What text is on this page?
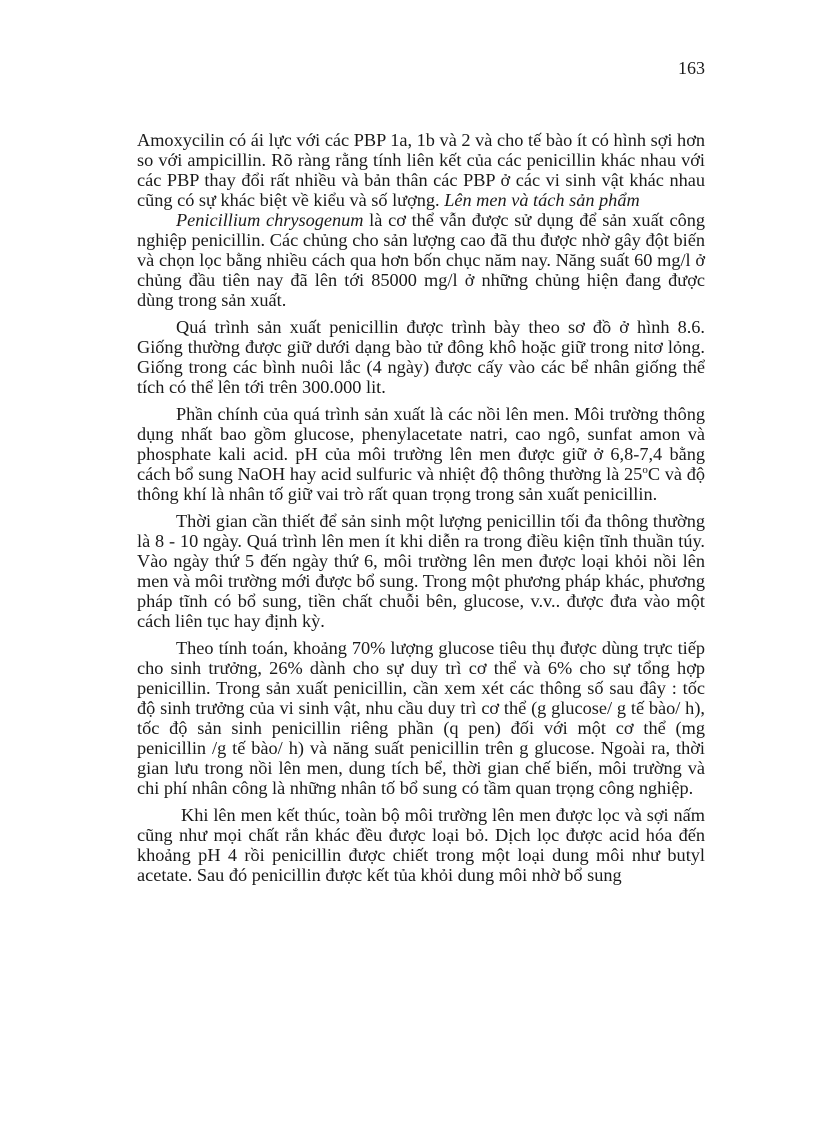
163

Amoxycilin có ái lực với các PBP 1a, 1b và 2 và cho tế bào ít có hình sợi hơn so với ampicillin. Rõ ràng rằng tính liên kết của các penicillin khác nhau với các PBP thay đổi rất nhiều và bản thân các PBP ở các vi sinh vật khác nhau cũng có sự khác biệt về kiểu và số lượng. Lên men và tách sản phẩm

Penicillium chrysogenum là cơ thể vẫn được sử dụng để sản xuất công nghiệp penicillin. Các chủng cho sản lượng cao đã thu được nhờ gây đột biến và chọn lọc bằng nhiều cách qua hơn bốn chục năm nay. Năng suất 60 mg/l ở chủng đầu tiên nay đã lên tới 85000 mg/l ở những chủng hiện đang được dùng trong sản xuất.

Quá trình sản xuất penicillin được trình bày theo sơ đồ ở hình 8.6. Giống thường được giữ dưới dạng bào tử đông khô hoặc giữ trong nitơ lỏng. Giống trong các bình nuôi lắc (4 ngày) được cấy vào các bể nhân giống thể tích có thể lên tới trên 300.000 lit.

Phần chính của quá trình sản xuất là các nồi lên men. Môi trường thông dụng nhất bao gồm glucose, phenylacetate natri, cao ngô, sunfat amon và phosphate kali acid. pH của môi trường lên men được giữ ở 6,8-7,4 bằng cách bổ sung NaOH hay acid sulfuric và nhiệt độ thông thường là 25$^o$C và độ thông khí là nhân tố giữ vai trò rất quan trọng trong sản xuất penicillin.

Thời gian cần thiết để sản sinh một lượng penicillin tối đa thông thường là 8 - 10 ngày. Quá trình lên men ít khi diễn ra trong điều kiện tĩnh thuần túy. Vào ngày thứ 5 đến ngày thứ 6, môi trường lên men được loại khỏi nồi lên men và môi trường mới được bổ sung. Trong một phương pháp khác, phương pháp tĩnh có bổ sung, tiền chất chuỗi bên, glucose, v.v.. được đưa vào một cách liên tục hay định kỳ.

Theo tính toán, khoảng 70% lượng glucose tiêu thụ được dùng trực tiếp cho sinh trưởng, 26% dành cho sự duy trì cơ thể và 6% cho sự tổng hợp penicillin. Trong sản xuất penicillin, cần xem xét các thông số sau đây : tốc độ sinh trưởng của vi sinh vật, nhu cầu duy trì cơ thể (g glucose/ g tế bào/ h), tốc độ sản sinh penicillin riêng phần (q pen) đối với một cơ thể (mg penicillin /g tế bào/ h) và năng suất penicillin trên g glucose. Ngoài ra, thời gian lưu trong nồi lên men, dung tích bể, thời gian chế biến, môi trường và chi phí nhân công là những nhân tố bổ sung có tầm quan trọng công nghiệp.

Khi lên men kết thúc, toàn bộ môi trường lên men được lọc và sợi nấm cũng như mọi chất rắn khác đều được loại bỏ. Dịch lọc được acid hóa đến khoảng pH 4 rồi penicillin được chiết trong một loại dung môi như butyl acetate. Sau đó penicillin được kết tủa khỏi dung môi nhờ bổ sung
